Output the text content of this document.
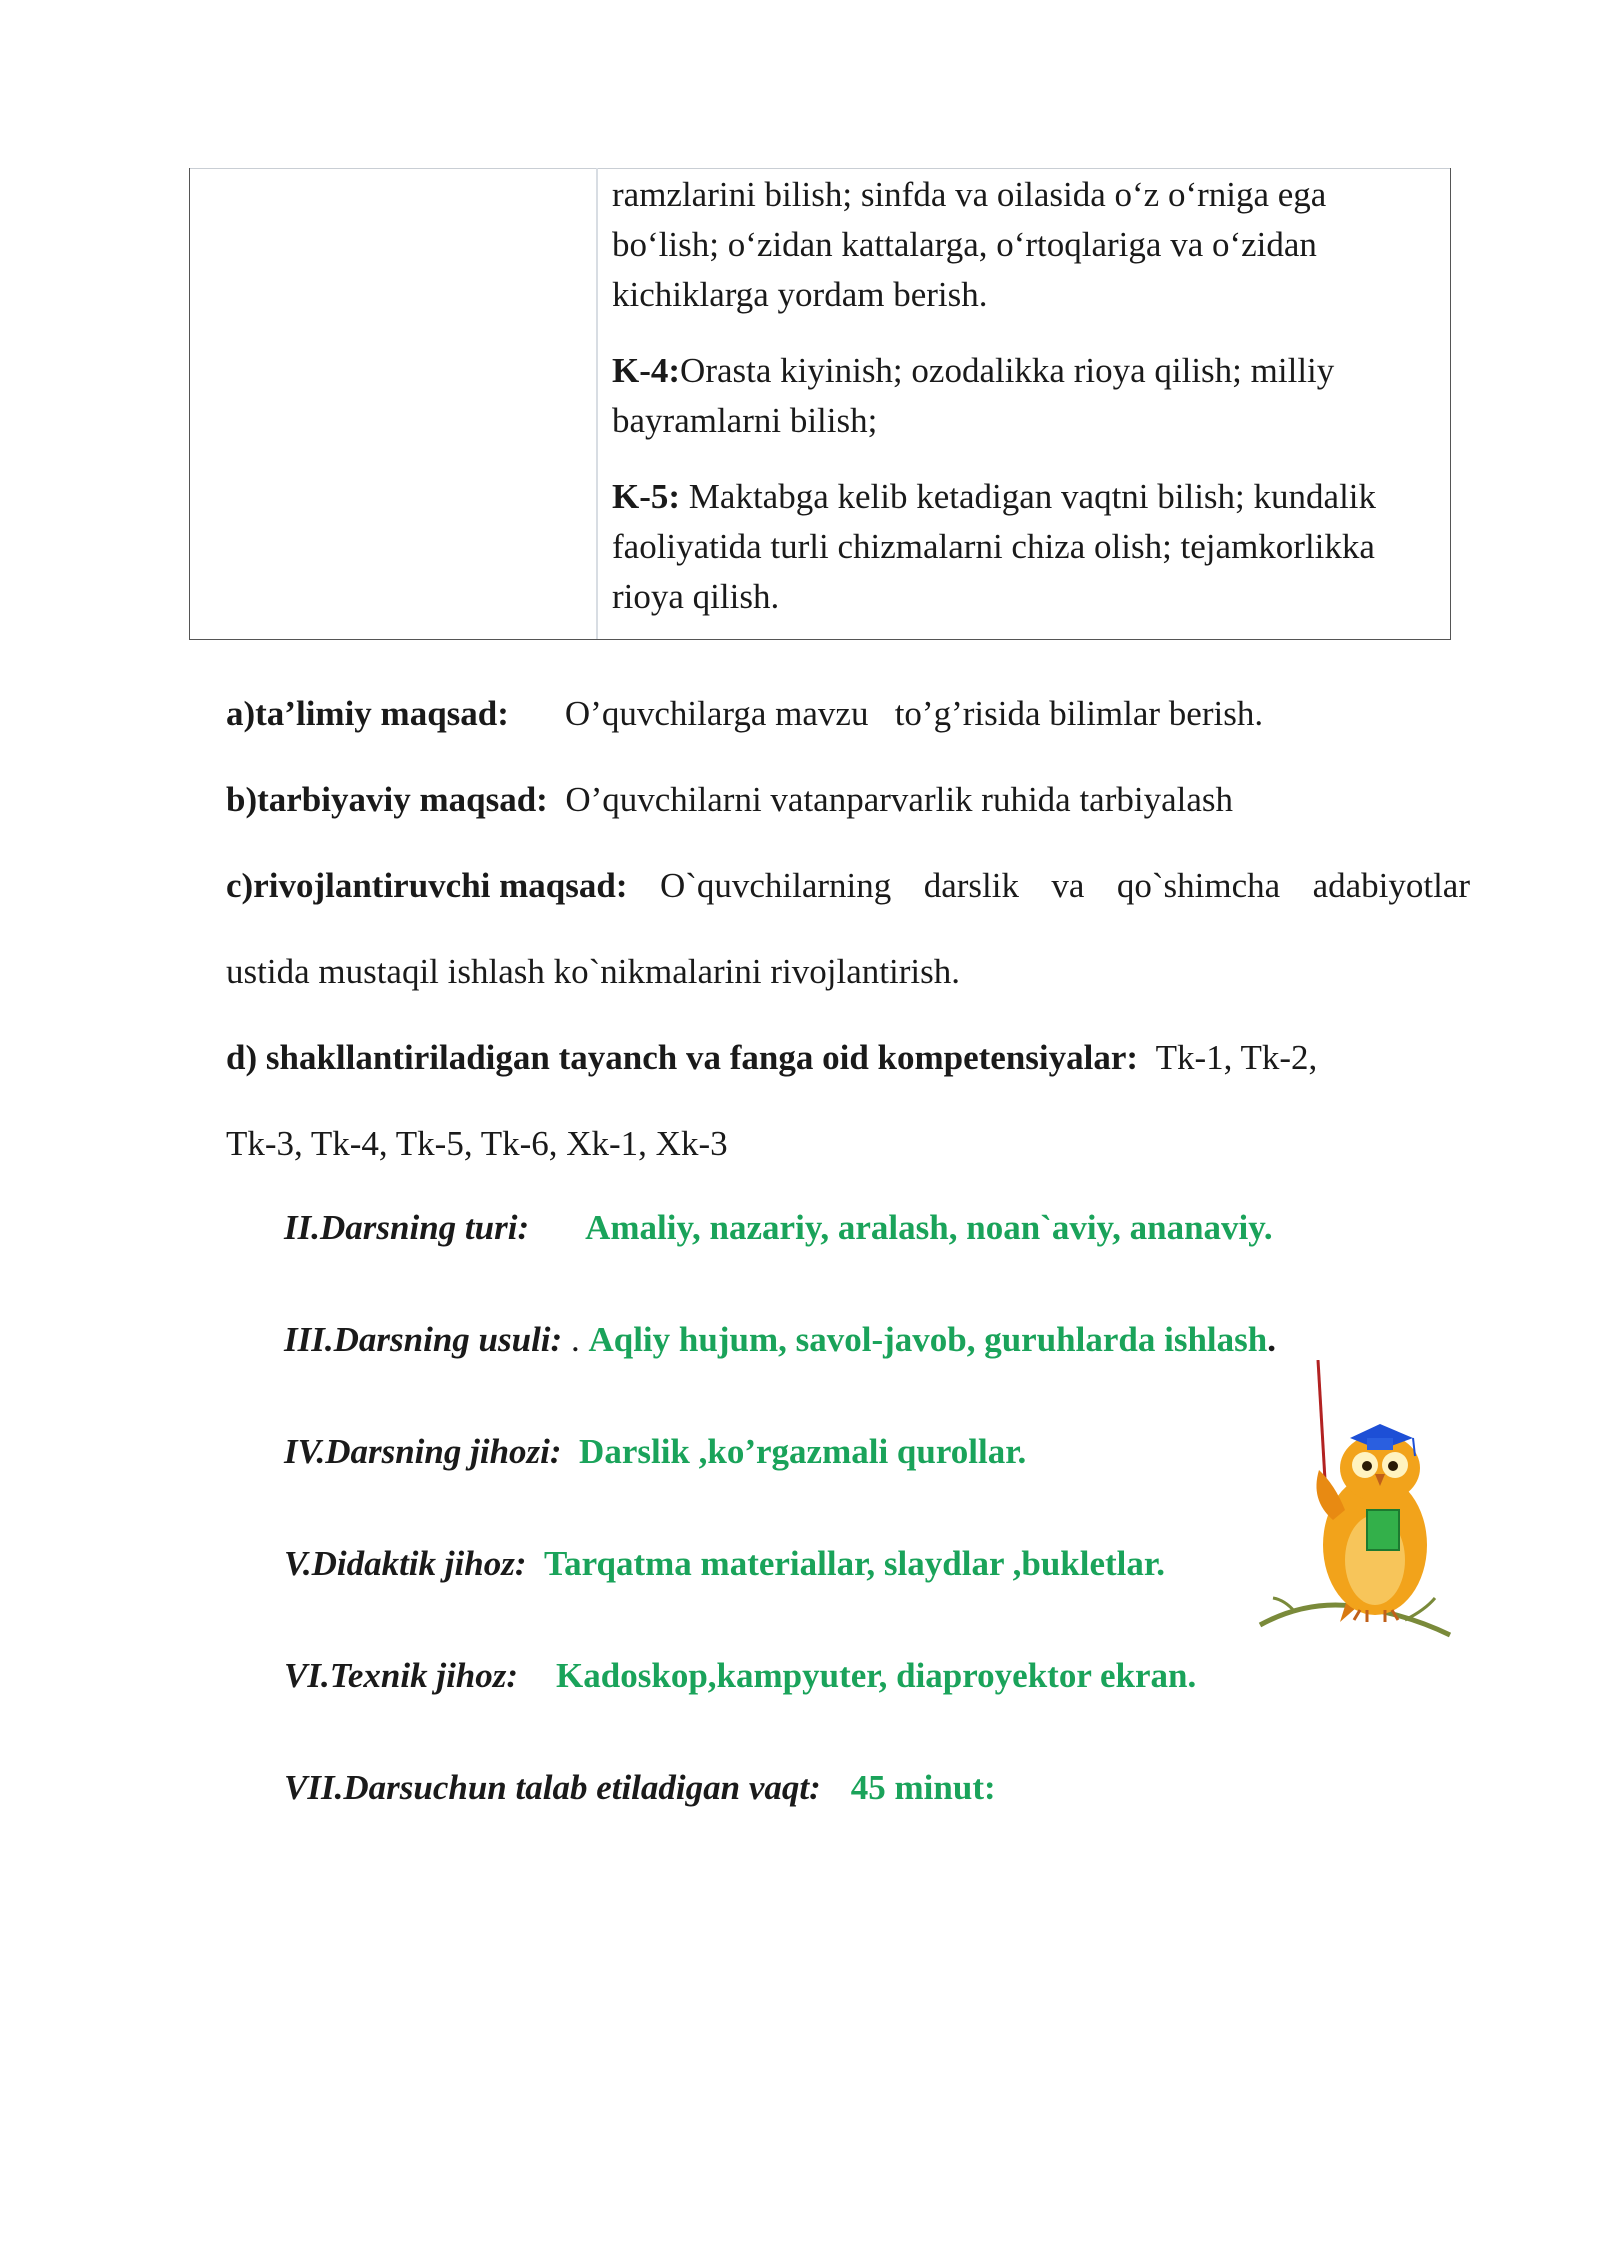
ramzlarini bilish; sinfda va oilasida o‘z o‘rniga ega bo‘lish; o‘zidan kattalarga, o‘rtoqlariga va o‘zidan kichiklarga yordam berish.

K-4:Orasta kiyinish; ozodalikka rioya qilish; milliy bayramlarni bilish;

K-5: Maktabga kelib ketadigan vaqtni bilish; kundalik faoliyatida turli chizmalarni chiza olish; tejamkorlikka rioya qilish.

a)ta’limiy maqsad: O’quvchilarga mavzu   to’g’risida bilimlar berish.
b)tarbiyaviy maqsad: O’quvchilarni vatanparvarlik ruhida tarbiyalash
c)rivojlantiruvchi maqsad: O`quvchilarning darslik va qo`shimcha adabiyotlar
ustida mustaqil ishlash ko`nikmalarini rivojlantirish.
d) shakllantiriladigan tayanch va fanga oid kompetensiyalar: Tk-1, Tk-2,
Tk-3, Tk-4, Tk-5, Tk-6, Xk-1, Xk-3
II.Darsning turi: Amaliy, nazariy, aralash, noan`aviy, ananaviy.
III.Darsning usuli: . Aqliy hujum, savol-javob, guruhlarda ishlash.
IV.Darsning jihozi: Darslik ,ko’rgazmali qurollar.
V.Didaktik jihoz: Tarqatma materiallar, slaydlar ,bukletlar.
VI.Texnik jihoz: Kadoskop,kampyuter, diaproyektor ekran.
VII.Darsuchun talab etiladigan vaqt: 45 minut:
